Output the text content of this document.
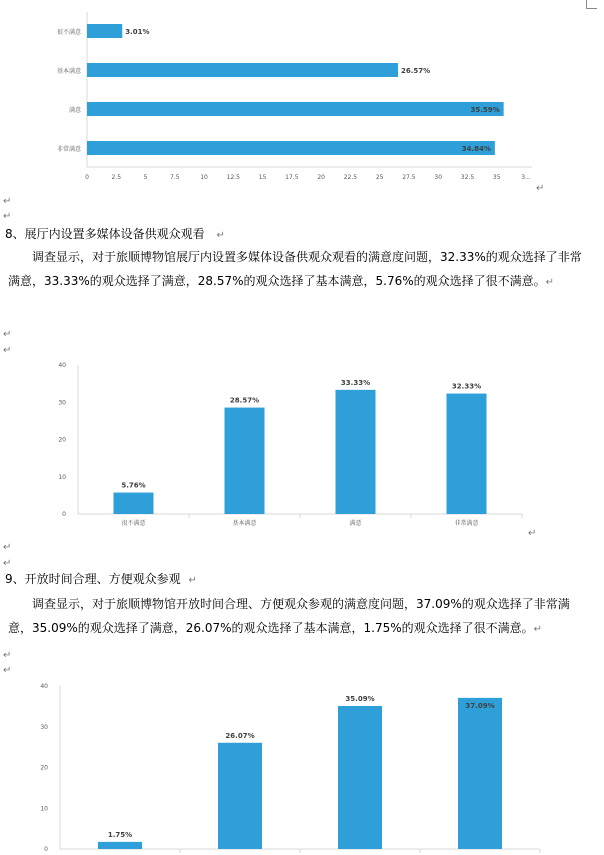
很不满意	3.01%
基本满意	26.57%
满意	35.59%
非常满意	34.84%
0	2.5	5	7.5	10	12.5	15	17.5	20	22.5	25	27.5	30	32.5	35	3...
↵
↵
↵
8、展厅内设置多媒体设备供观众观看 ↵
调查显示，对于旅顺博物馆展厅内设置多媒体设备供观众观看的满意度问题，32.33%的观众选择了非常满意，33.33%的观众选择了满意，28.57%的观众选择了基本满意，5.76%的观众选择了很不满意。↵
↵
↵
0
10
20
30
40
5.76%
很不满意
28.57%
基本满意
33.33%
满意
32.33%
非常满意
↵
↵
↵
9、开放时间合理、方便观众参观 ↵
调查显示，对于旅顺博物馆开放时间合理、方便观众参观的满意度问题，37.09%的观众选择了非常满意，35.09%的观众选择了满意，26.07%的观众选择了基本满意，1.75%的观众选择了很不满意。↵
↵
↵
0
10
20
30
40
1.75%
26.07%
35.09%
37.09%
